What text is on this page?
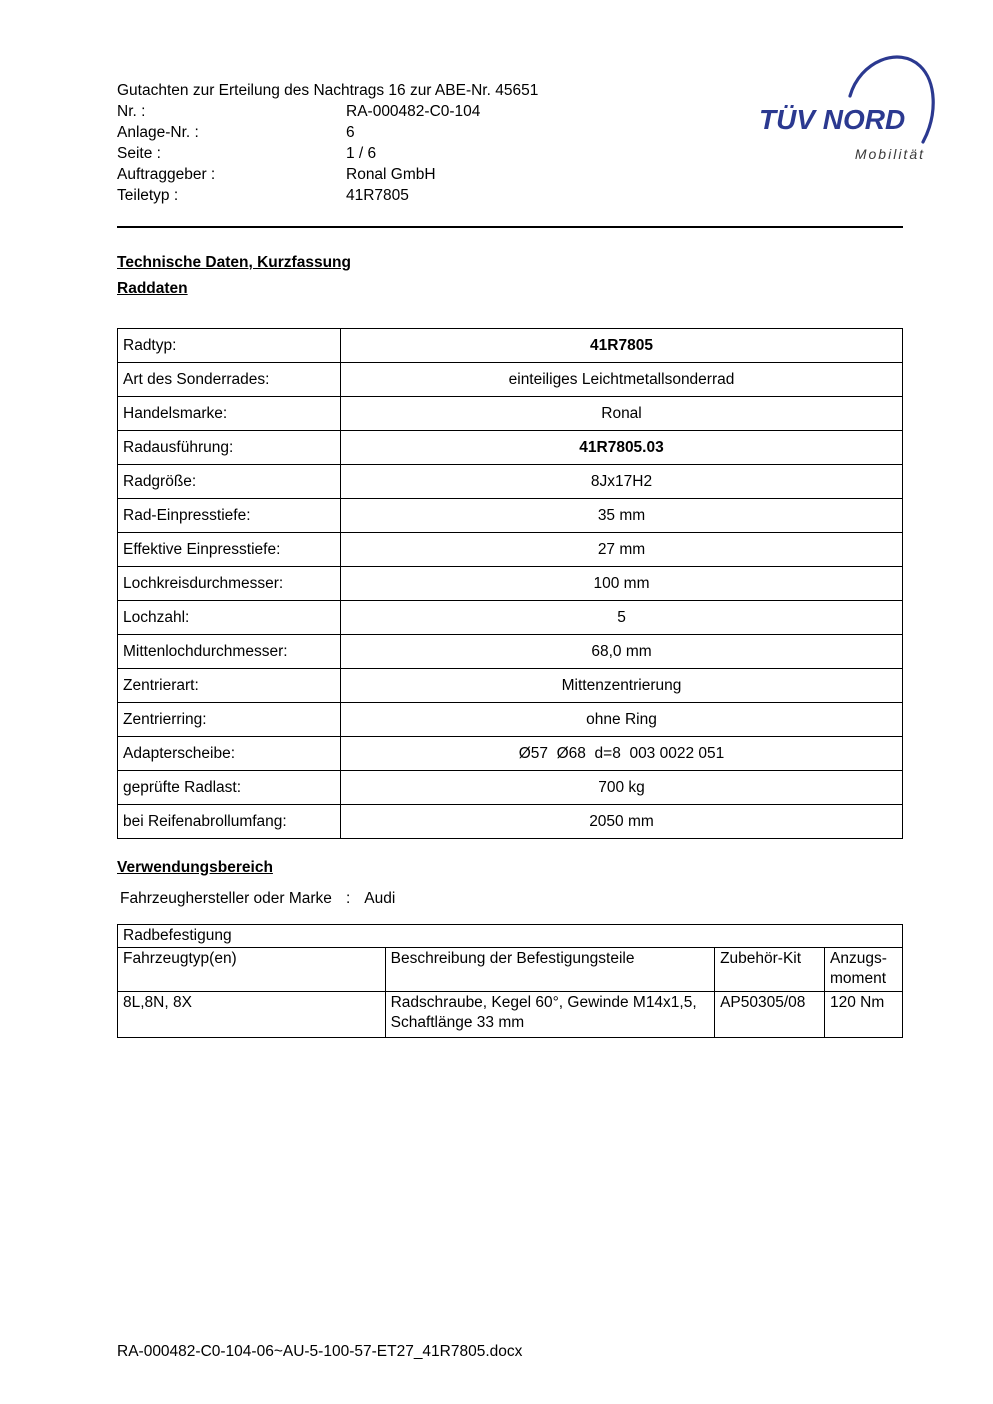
TÜV NORD
Mobilität
Gutachten zur Erteilung des Nachtrags 16 zur ABE-Nr. 45651
Nr. :	RA-000482-C0-104
Anlage-Nr. :	6
Seite :	1 / 6
Auftraggeber :	Ronal GmbH
Teiletyp :	41R7805
Technische Daten, Kurzfassung
Raddaten
Radtyp:	41R7805
Art des Sonderrades:	einteiliges Leichtmetallsonderrad
Handelsmarke:	Ronal
Radausführung:	41R7805.03
Radgröße:	8Jx17H2
Rad-Einpresstiefe:	35 mm
Effektive Einpresstiefe:	27 mm
Lochkreisdurchmesser:	100 mm
Lochzahl:	5
Mittenlochdurchmesser:	68,0 mm
Zentrierart:	Mittenzentrierung
Zentrierring:	ohne Ring
Adapterscheibe:	Ø57  Ø68  d=8  003 0022 051
geprüfte Radlast:	700 kg
bei Reifenabrollumfang:	2050 mm
Verwendungsbereich
Fahrzeughersteller oder Marke : Audi
Radbefestigung			
Fahrzeugtyp(en)	Beschreibung der Befestigungsteile	Zubehör-Kit	Anzugs-moment
8L,8N, 8X	Radschraube, Kegel 60°, Gewinde M14x1,5, Schaftlänge 33 mm	AP50305/08	120 Nm
RA-000482-C0-104-06~AU-5-100-57-ET27_41R7805.docx
